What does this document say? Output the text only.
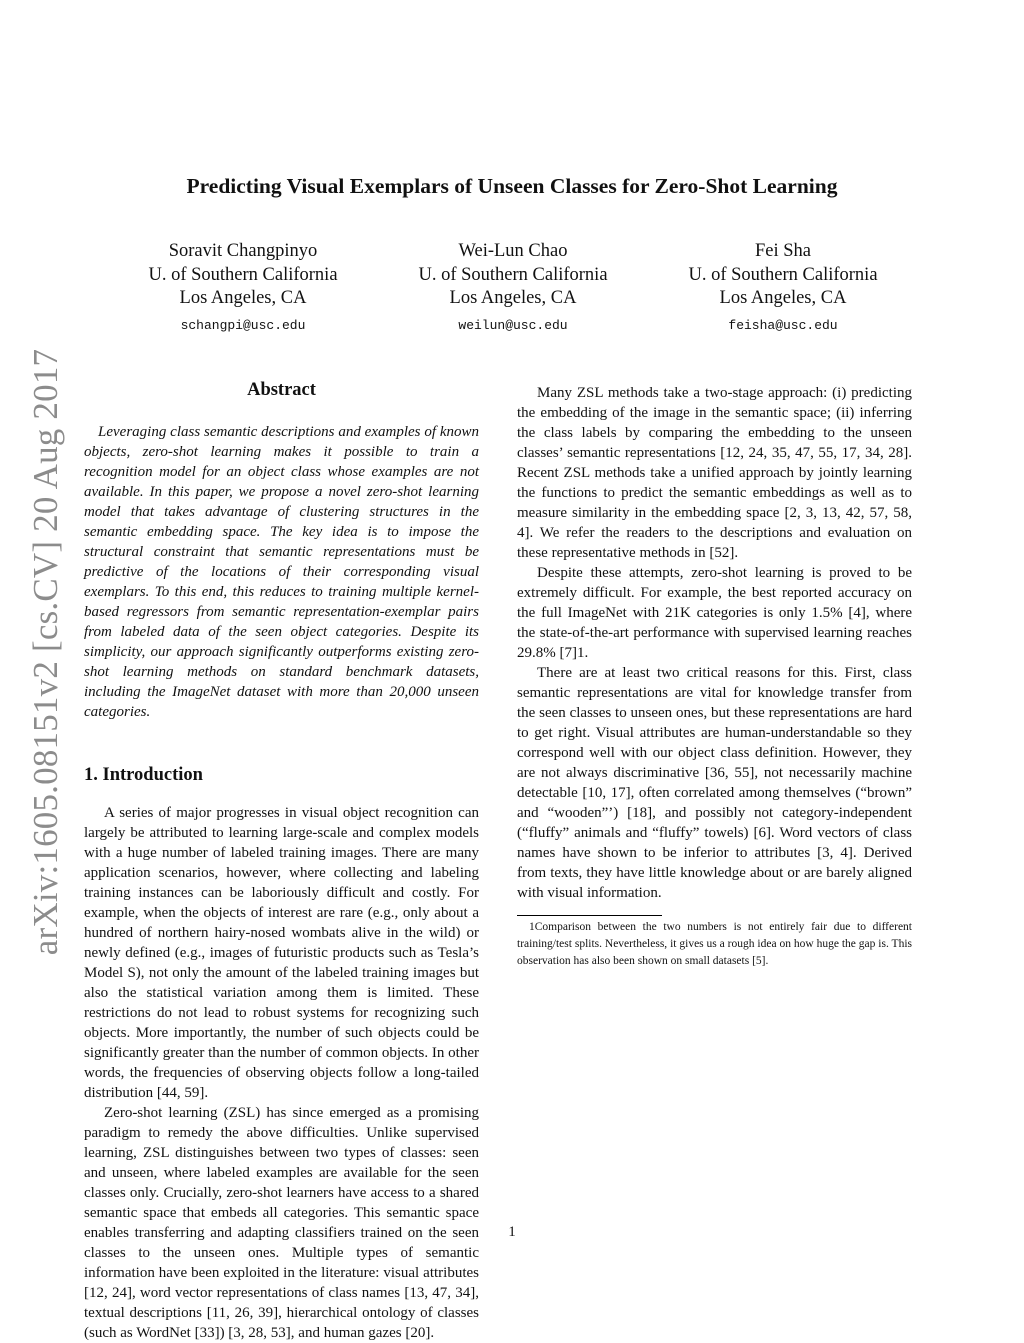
arXiv:1605.08151v2 [cs.CV] 20 Aug 2017
Predicting Visual Exemplars of Unseen Classes for Zero-Shot Learning
Soravit Changpinyo
U. of Southern California
Los Angeles, CA
schangpi@usc.edu
Wei-Lun Chao
U. of Southern California
Los Angeles, CA
weilun@usc.edu
Fei Sha
U. of Southern California
Los Angeles, CA
feisha@usc.edu
Abstract

Leveraging class semantic descriptions and examples of known objects, zero-shot learning makes it possible to train a recognition model for an object class whose examples are not available. In this paper, we propose a novel zero-shot learning model that takes advantage of clustering structures in the semantic embedding space. The key idea is to impose the structural constraint that semantic representations must be predictive of the locations of their corresponding visual exemplars. To this end, this reduces to training multiple kernel-based regressors from semantic representation-exemplar pairs from labeled data of the seen object categories. Despite its simplicity, our approach significantly outperforms existing zero-shot learning methods on standard benchmark datasets, including the ImageNet dataset with more than 20,000 unseen categories.

1. Introduction

A series of major progresses in visual object recognition can largely be attributed to learning large-scale and complex models with a huge number of labeled training images. There are many application scenarios, however, where collecting and labeling training instances can be laboriously difficult and costly. For example, when the objects of interest are rare (e.g., only about a hundred of northern hairy-nosed wombats alive in the wild) or newly defined (e.g., images of futuristic products such as Tesla’s Model S), not only the amount of the labeled training images but also the statistical variation among them is limited. These restrictions do not lead to robust systems for recognizing such objects. More importantly, the number of such objects could be significantly greater than the number of common objects. In other words, the frequencies of observing objects follow a long-tailed distribution [44, 59].

Zero-shot learning (ZSL) has since emerged as a promising paradigm to remedy the above difficulties. Unlike supervised learning, ZSL distinguishes between two types of classes: seen and unseen, where labeled examples are available for the seen classes only. Crucially, zero-shot learners have access to a shared semantic space that embeds all categories. This semantic space enables transferring and adapting classifiers trained on the seen classes to the unseen ones. Multiple types of semantic information have been exploited in the literature: visual attributes [12, 24], word vector representations of class names [13, 47, 34], textual descriptions [11, 26, 39], hierarchical ontology of classes (such as WordNet [33]) [3, 28, 53], and human gazes [20].

Many ZSL methods take a two-stage approach: (i) predicting the embedding of the image in the semantic space; (ii) inferring the class labels by comparing the embedding to the unseen classes’ semantic representations [12, 24, 35, 47, 55, 17, 34, 28]. Recent ZSL methods take a unified approach by jointly learning the functions to predict the semantic embeddings as well as to measure similarity in the embedding space [2, 3, 13, 42, 57, 58, 4]. We refer the readers to the descriptions and evaluation on these representative methods in [52].

Despite these attempts, zero-shot learning is proved to be extremely difficult. For example, the best reported accuracy on the full ImageNet with 21K categories is only 1.5% [4], where the state-of-the-art performance with supervised learning reaches 29.8% [7]1.

There are at least two critical reasons for this. First, class semantic representations are vital for knowledge transfer from the seen classes to unseen ones, but these representations are hard to get right. Visual attributes are human-understandable so they correspond well with our object class definition. However, they are not always discriminative [36, 55], not necessarily machine detectable [10, 17], often correlated among themselves (“brown” and “wooden”’) [18], and possibly not category-independent (“fluffy” animals and “fluffy” towels) [6]. Word vectors of class names have shown to be inferior to attributes [3, 4]. Derived from texts, they have little knowledge about or are barely aligned with visual information.

1Comparison between the two numbers is not entirely fair due to different training/test splits. Nevertheless, it gives us a rough idea on how huge the gap is. This observation has also been shown on small datasets [5].

1
